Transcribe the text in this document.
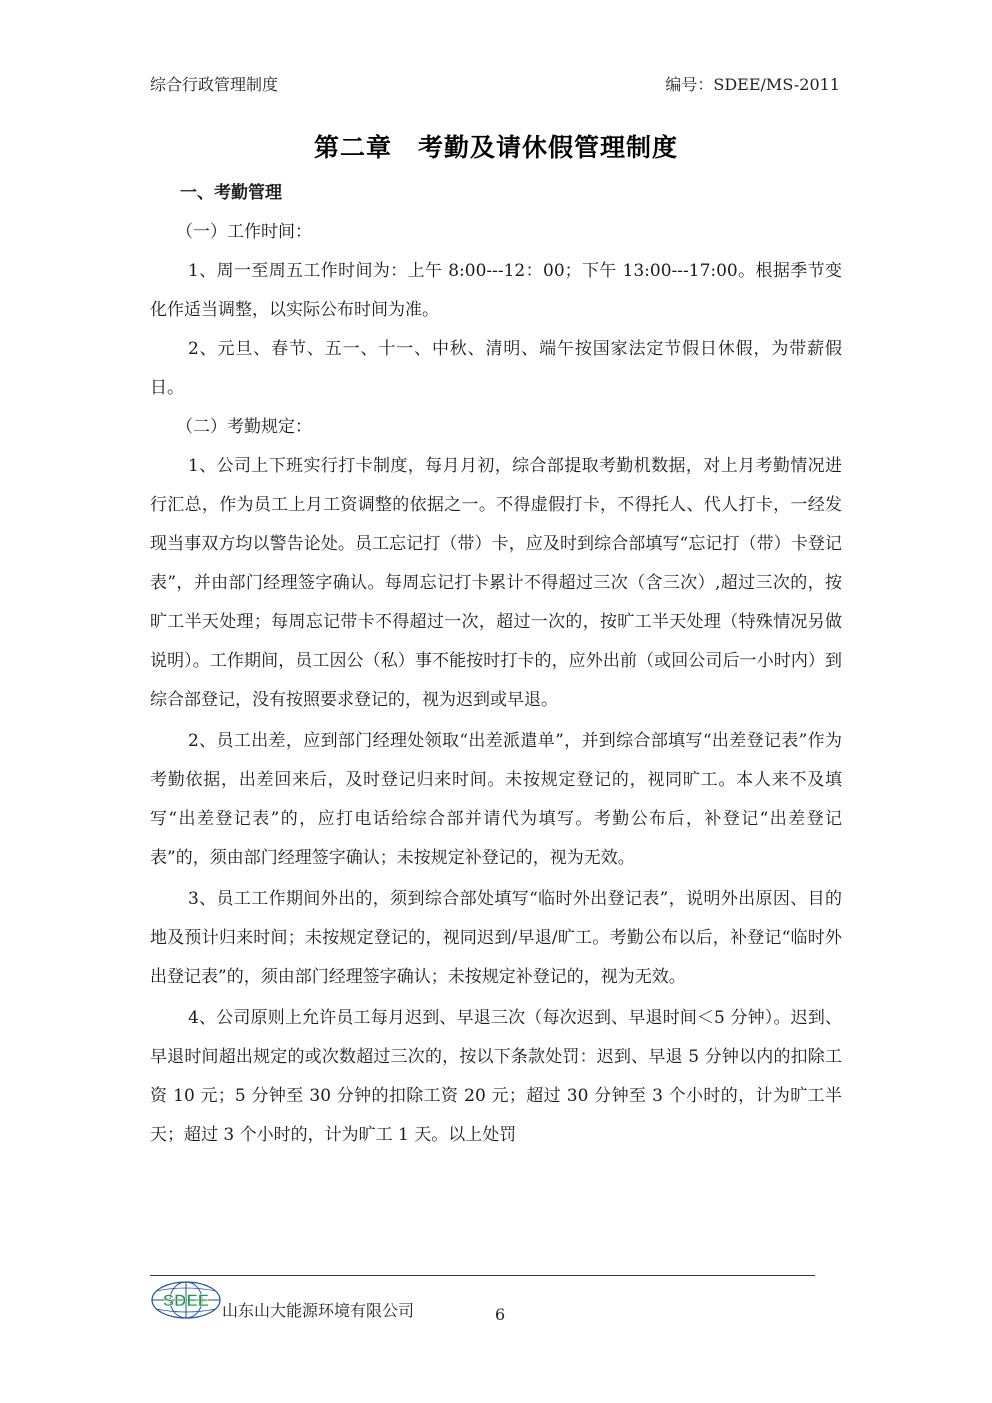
综合行政管理制度	编号：SDEE/MS-2011
第二章　考勤及请休假管理制度

一、考勤管理

（一）工作时间：

1、周一至周五工作时间为：上午 8:00---12：00；下午 13:00---17:00。根据季节变化作适当调整，以实际公布时间为准。

2、元旦、春节、五一、十一、中秋、清明、端午按国家法定节假日休假，为带薪假日。

（二）考勤规定：

1、公司上下班实行打卡制度，每月月初，综合部提取考勤机数据，对上月考勤情况进行汇总，作为员工上月工资调整的依据之一。不得虚假打卡，不得托人、代人打卡，一经发现当事双方均以警告论处。员工忘记打（带）卡，应及时到综合部填写“忘记打（带）卡登记表”，并由部门经理签字确认。每周忘记打卡累计不得超过三次（含三次）,超过三次的，按旷工半天处理；每周忘记带卡不得超过一次，超过一次的，按旷工半天处理（特殊情况另做说明）。工作期间，员工因公（私）事不能按时打卡的，应外出前（或回公司后一小时内）到综合部登记，没有按照要求登记的，视为迟到或早退。

2、员工出差，应到部门经理处领取“出差派遣单”，并到综合部填写“出差登记表”作为考勤依据，出差回来后，及时登记归来时间。未按规定登记的，视同旷工。本人来不及填写“出差登记表”的，应打电话给综合部并请代为填写。考勤公布后，补登记“出差登记表”的，须由部门经理签字确认；未按规定补登记的，视为无效。

3、员工工作期间外出的，须到综合部处填写“临时外出登记表”，说明外出原因、目的地及预计归来时间；未按规定登记的，视同迟到/早退/旷工。考勤公布以后，补登记“临时外出登记表”的，须由部门经理签字确认；未按规定补登记的，视为无效。

4、公司原则上允许员工每月迟到、早退三次（每次迟到、早退时间＜5 分钟）。迟到、早退时间超出规定的或次数超过三次的，按以下条款处罚：迟到、早退 5 分钟以内的扣除工资 10 元；5 分钟至 30 分钟的扣除工资 20 元；超过 30 分钟至 3 个小时的，计为旷工半天；超过 3 个小时的，计为旷工 1 天。以上处罚

SDEE
山东山大能源环境有限公司	6
